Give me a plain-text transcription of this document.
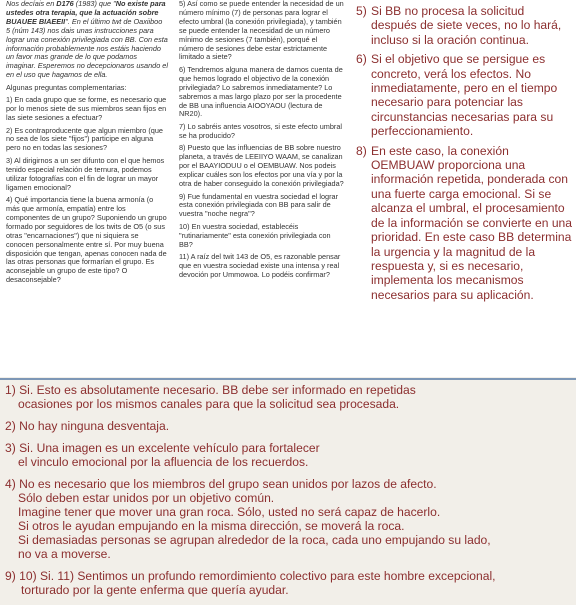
Nos decíais en D176 (1983) que "No existe para ustedes otra terapia, que la actuación sobre BUAUEE BIAEEII". En el último twt de Oaxiiboo 5 (núm 143) nos dais unas instrucciones para lograr una conexión privilegiada con BB. Con esta información probablemente nos estáis haciendo un favor mas grande de lo que podamos imaginar. Esperemos no decepcionaros usando el en el uso que hagamos de ella.

Algunas preguntas complementarias:

1) En cada grupo que se forme, es necesario que por lo menos siete de sus miembros sean fijos en las siete sesiones a efectuar?

2) Es contraproducente que algun miembro (que no sea de los siete "fijos") participe en alguna pero no en todas las sesiones?

3) Al dirigirnos a un ser difunto con el que hemos tenido especial relación de ternura, podemos utilizar fotografías con el fin de lograr un mayor ligamen emocional?

4) Qué importancia tiene la buena armonía (o más que armonía, empatía) entre los componentes de un grupo? Suponiendo un grupo formado por seguidores de los twits de O5 (o sus otras "encarnaciones") que ni siquiera se conocen personalmente entre sí. Por muy buena disposición que tengan, apenas conocen nada de las otras personas que formarían el grupo. Es aconsejable un grupo de este tipo? O desaconsejable?

5) Así como se puede entender la necesidad de un número mínimo (7) de personas para lograr el efecto umbral (la conexión privilegiada), y también se puede entender la necesidad de un número mínimo de sesiones (7 también), porqué el número de sesiones debe estar estrictamente limitado a siete?

6) Tendremos alguna manera de darnos cuenta de que hemos logrado el objectivo de la conexión privilegiada? Lo sabremos inmediatamente? Lo sabremos a mas largo plazo por ser la procedente de BB una influencia AIOOYAOU (lectura de NR20).

7) Lo sabréis antes vosotros, si este efecto umbral se ha producido?

8) Puesto que las influencias de BB sobre nuestro planeta, a través de LEEIIYO WAAM, se canalizan por el BAAYIODUU o el OEMBUAW. Nos podeis explicar cuáles son los efectos por una vía y por la otra de haber conseguido la conexión privilegiada?

9) Fue fundamental en vuestra sociedad el lograr esta conexión privilegiada con BB para salir de vuestra "noche negra"?

10) En vuestra sociedad, establecéis "rutinariamente" esta conexión privilegiada con BB?

11) A raíz del twit 143 de O5, es razonable pensar que en vuestra sociedad existe una intensa y real devoción por Ummowoa. Lo podéis confirmar?

5) Si BB no procesa la solicitud después de siete veces, no lo hará, incluso si la oración continua.
6) Si el objetivo que se persigue es concreto, verá los efectos. No inmediatamente, pero en el tiempo necesario para potenciar las circunstancias necesarias para su perfeccionamiento.
8) En este caso, la conexión OEMBUAW proporciona una información repetida, ponderada con una fuerte carga emocional. Si se alcanza el umbral, el procesamiento de la información se convierte en una prioridad. En este caso BB determina la urgencia y la magnitud de la respuesta y, si es necesario, implementa los mecanismos necesarios para su aplicación.
1) Si. Esto es absolutamente necesario. BB debe ser informado en repetidas
ocasiones por los mismos canales para que la solicitud sea procesada.
2) No hay ninguna desventaja.
3) Si. Una imagen es un excelente vehículo para fortalecer
el vinculo emocional por la afluencia de los recuerdos.
4) No es necesario que los miembros del grupo sean unidos por lazos de afecto.
Sólo deben estar unidos por un objetivo común.
Imagine tener que mover una gran roca. Sólo, usted no será capaz de hacerlo.
Si otros le ayudan empujando en la misma dirección, se moverá la roca.
Si demasiadas personas se agrupan alrededor de la roca, cada uno empujando su lado,
no va a moverse.
9) 10) Si. 11) Sentimos un profundo remordimiento colectivo para este hombre excepcional,
torturado por la gente enferma que quería ayudar.
